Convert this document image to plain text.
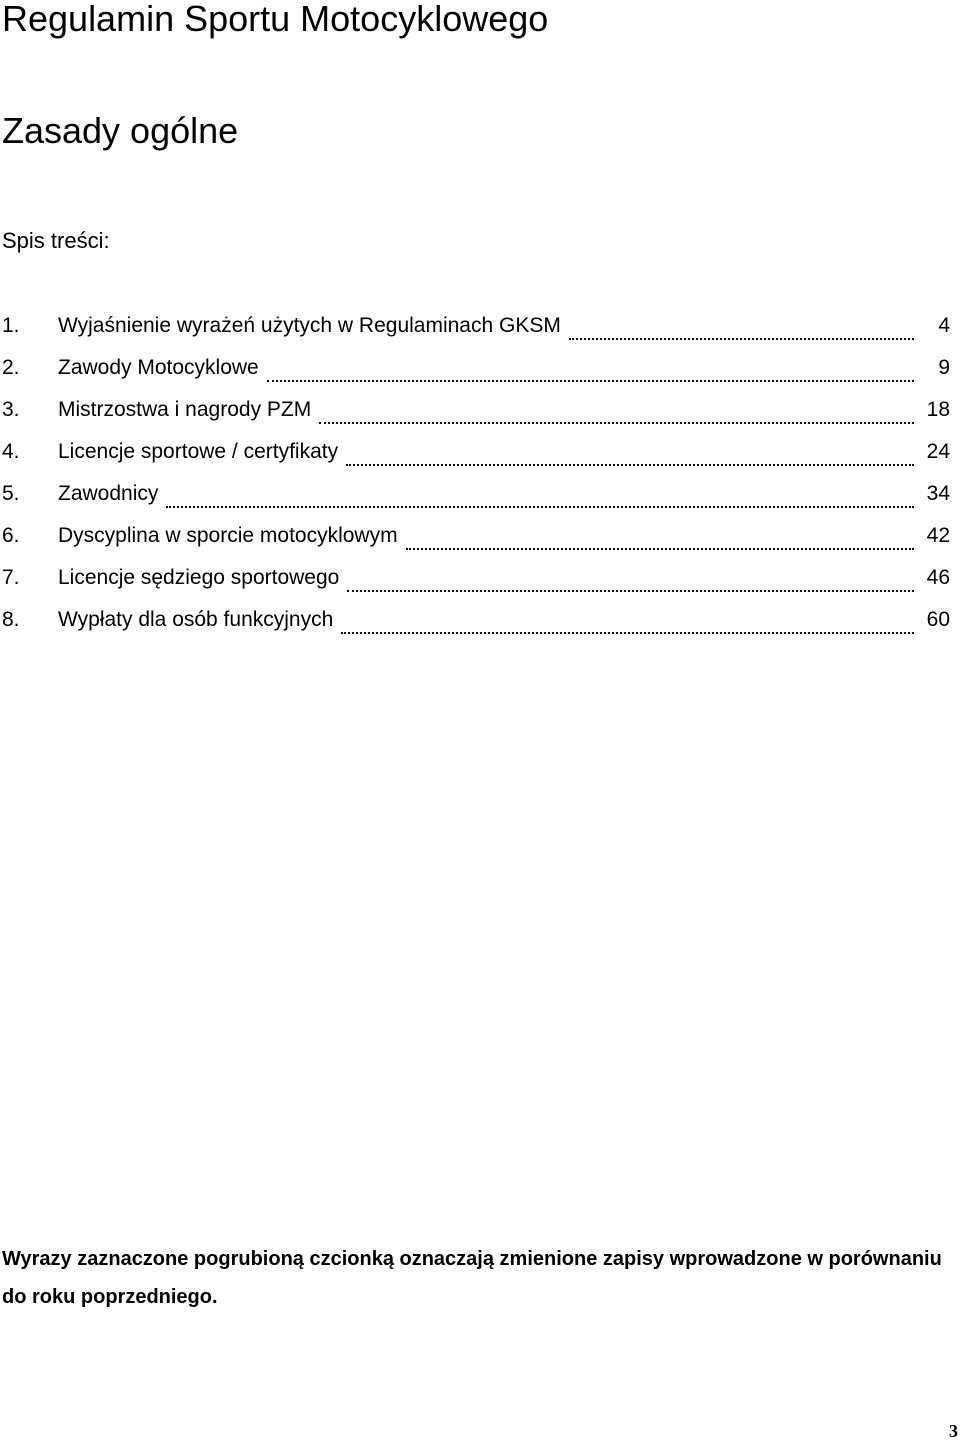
Regulamin Sportu Motocyklowego
Zasady ogólne

Spis treści:

1.	Wyjaśnienie wyrażeń użytych w Regulaminach GKSM	4
2.	Zawody Motocyklowe	9
3.	Mistrzostwa i nagrody PZM	18
4.	Licencje sportowe / certyfikaty	24
5.	Zawodnicy	34
6.	Dyscyplina w sporcie motocyklowym	42
7.	Licencje sędziego sportowego	46
8.	Wypłaty dla osób funkcyjnych	60

Wyrazy zaznaczone pogrubioną czcionką oznaczają zmienione zapisy wprowadzone w porównaniu do roku poprzedniego.

3
